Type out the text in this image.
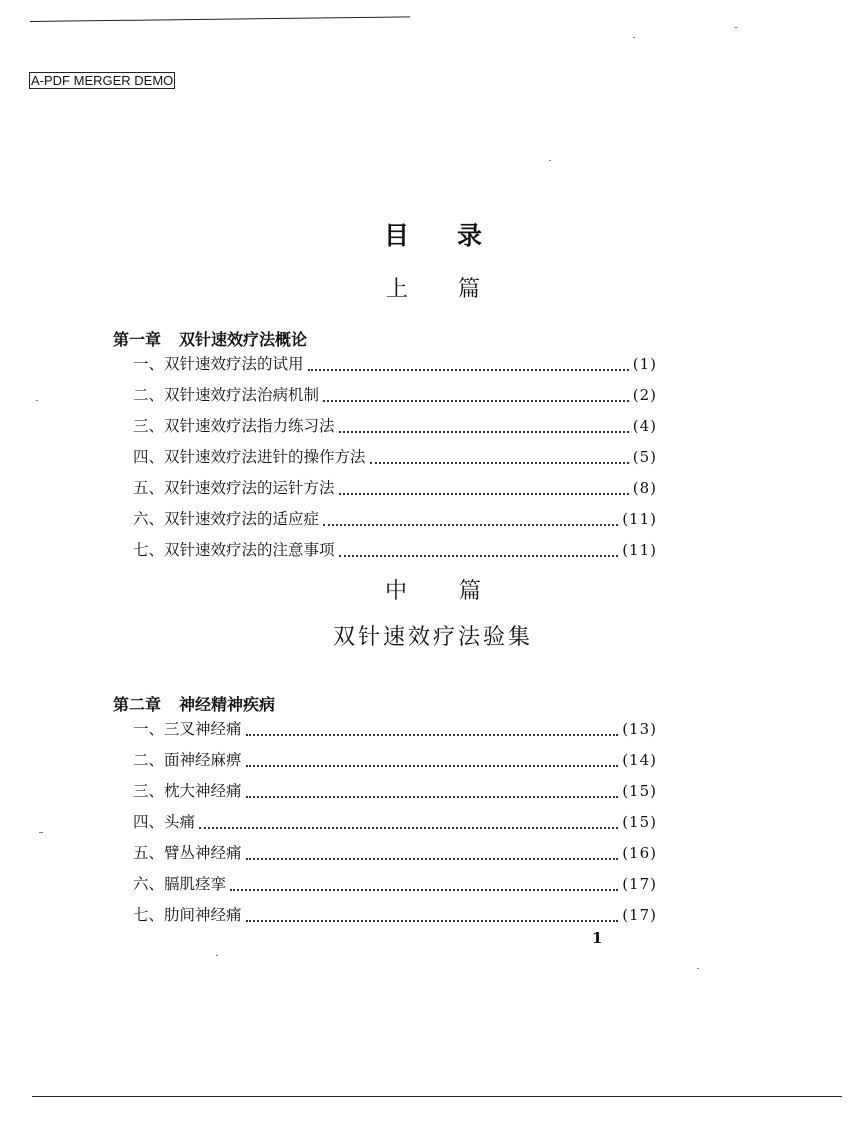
A-PDF MERGER DEMO
目录
上篇
第一章 双针速效疗法概论
一、双针速效疗法的试用	(1)
二、双针速效疗法治病机制	(2)
三、双针速效疗法指力练习法	(4)
四、双针速效疗法进针的操作方法	(5)
五、双针速效疗法的运针方法	(8)
六、双针速效疗法的适应症	(11)
七、双针速效疗法的注意事项	(11)
中篇
双针速效疗法验集
第二章 神经精神疾病
一、三叉神经痛	(13)
二、面神经麻痹	(14)
三、枕大神经痛	(15)
四、头痛	(15)
五、臂丛神经痛	(16)
六、膈肌痉挛	(17)
七、肋间神经痛	(17)
1
